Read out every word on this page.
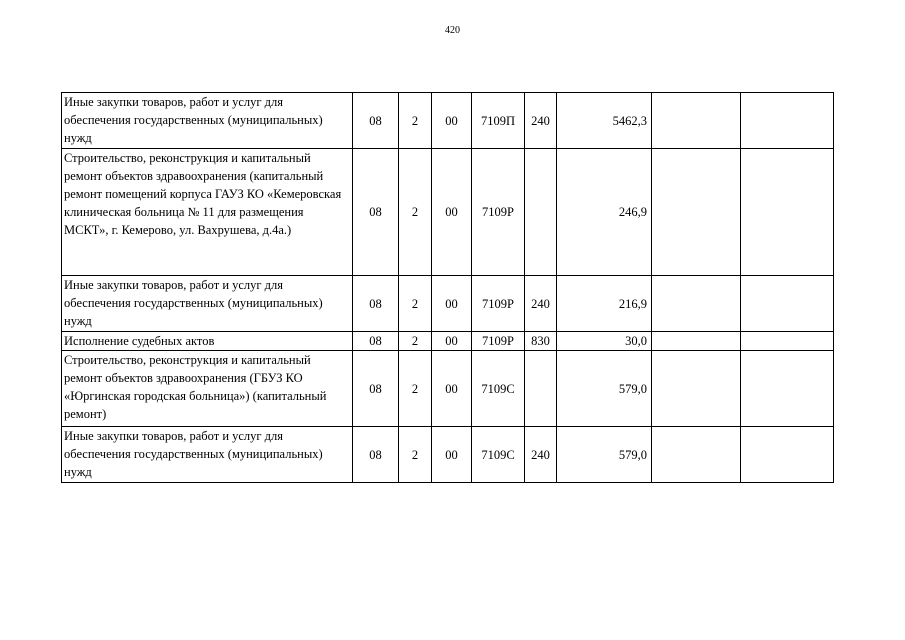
420
Иные закупки товаров, работ и услуг для обеспечения государственных (муниципальных) нужд	08	2	00	7109П	240	5462,3		
Строительство, реконструкция и капитальный ремонт объектов здравоохранения (капитальный ремонт помещений корпуса ГАУЗ КО «Кемеровская клиническая больница № 11 для размещения МСКТ», г. Кемерово, ул. Вахрушева, д.4а.)	08	2	00	7109Р		246,9		
Иные закупки товаров, работ и услуг для обеспечения государственных (муниципальных) нужд	08	2	00	7109Р	240	216,9		
Исполнение судебных актов	08	2	00	7109Р	830	30,0		
Строительство, реконструкция и капитальный ремонт объектов здравоохранения (ГБУЗ КО «Юргинская городская больница») (капитальный ремонт)	08	2	00	7109С		579,0		
Иные закупки товаров, работ и услуг для обеспечения государственных (муниципальных) нужд	08	2	00	7109С	240	579,0		
